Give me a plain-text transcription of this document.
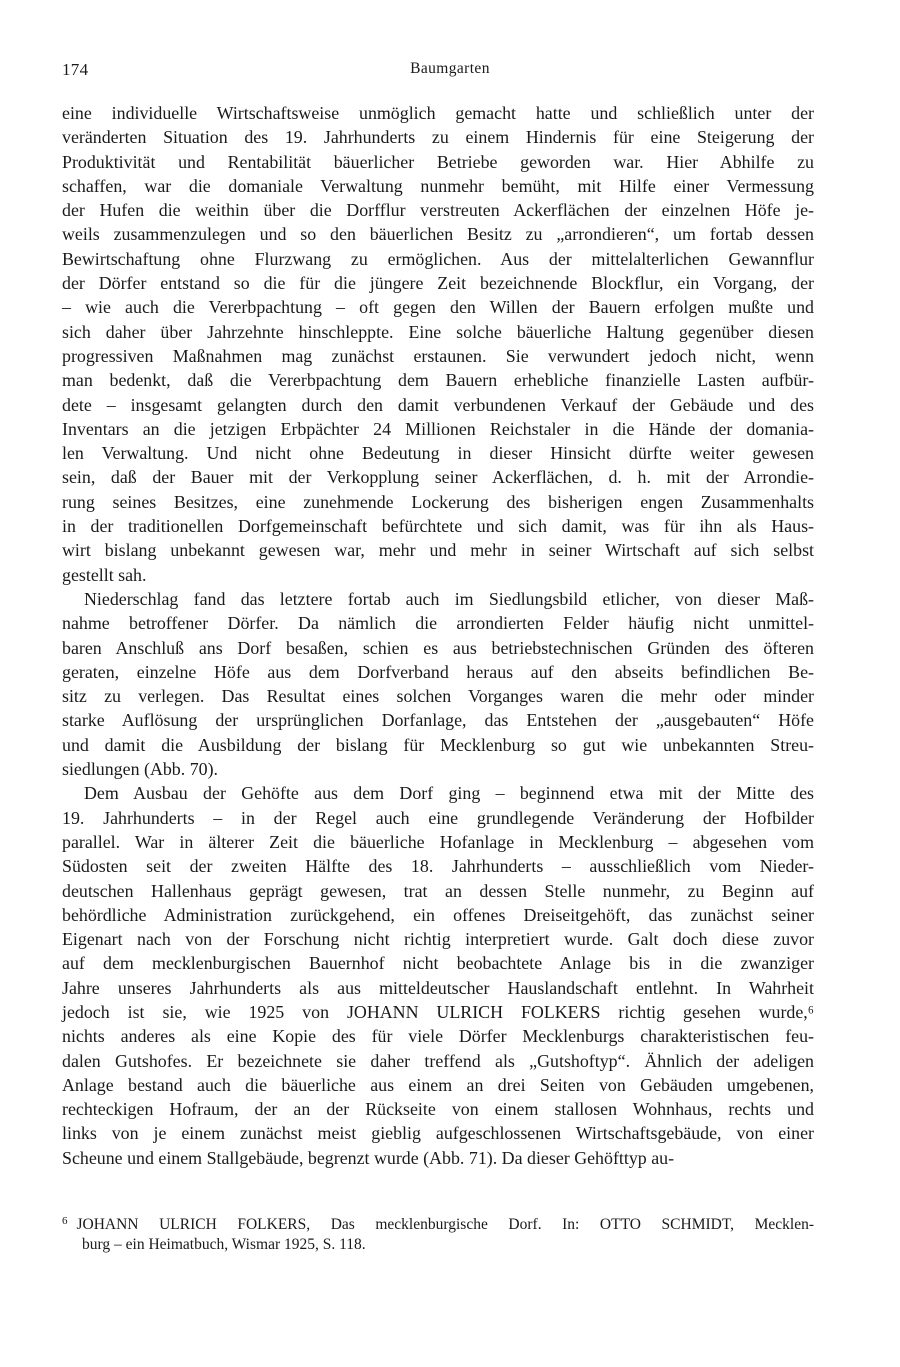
174	Baumgarten
eine individuelle Wirtschaftsweise unmöglich gemacht hatte und schließlich unter der
veränderten Situation des 19. Jahrhunderts zu einem Hindernis für eine Steigerung der
Produktivität und Rentabilität bäuerlicher Betriebe geworden war. Hier Abhilfe zu
schaffen, war die domaniale Verwaltung nunmehr bemüht, mit Hilfe einer Vermessung
der Hufen die weithin über die Dorfflur verstreuten Ackerflächen der einzelnen Höfe je-
weils zusammenzulegen und so den bäuerlichen Besitz zu „arrondieren“, um fortab dessen
Bewirtschaftung ohne Flurzwang zu ermöglichen. Aus der mittelalterlichen Gewannflur
der Dörfer entstand so die für die jüngere Zeit bezeichnende Blockflur, ein Vorgang, der
– wie auch die Vererbpachtung – oft gegen den Willen der Bauern erfolgen mußte und
sich daher über Jahrzehnte hinschleppte. Eine solche bäuerliche Haltung gegenüber diesen
progressiven Maßnahmen mag zunächst erstaunen. Sie verwundert jedoch nicht, wenn
man bedenkt, daß die Vererbpachtung dem Bauern erhebliche finanzielle Lasten aufbür-
dete – insgesamt gelangten durch den damit verbundenen Verkauf der Gebäude und des
Inventars an die jetzigen Erbpächter 24 Millionen Reichstaler in die Hände der domania-
len Verwaltung. Und nicht ohne Bedeutung in dieser Hinsicht dürfte weiter gewesen
sein, daß der Bauer mit der Verkopplung seiner Ackerflächen, d. h. mit der Arrondie-
rung seines Besitzes, eine zunehmende Lockerung des bisherigen engen Zusammenhalts
in der traditionellen Dorfgemeinschaft befürchtete und sich damit, was für ihn als Haus-
wirt bislang unbekannt gewesen war, mehr und mehr in seiner Wirtschaft auf sich selbst
gestellt sah.
Niederschlag fand das letztere fortab auch im Siedlungsbild etlicher, von dieser Maß-
nahme betroffener Dörfer. Da nämlich die arrondierten Felder häufig nicht unmittel-
baren Anschluß ans Dorf besaßen, schien es aus betriebstechnischen Gründen des öfteren
geraten, einzelne Höfe aus dem Dorfverband heraus auf den abseits befindlichen Be-
sitz zu verlegen. Das Resultat eines solchen Vorganges waren die mehr oder minder
starke Auflösung der ursprünglichen Dorfanlage, das Entstehen der „ausgebauten“ Höfe
und damit die Ausbildung der bislang für Mecklenburg so gut wie unbekannten Streu-
siedlungen (Abb. 70).
Dem Ausbau der Gehöfte aus dem Dorf ging – beginnend etwa mit der Mitte des
19. Jahrhunderts – in der Regel auch eine grundlegende Veränderung der Hofbilder
parallel. War in älterer Zeit die bäuerliche Hofanlage in Mecklenburg – abgesehen vom
Südosten seit der zweiten Hälfte des 18. Jahrhunderts – ausschließlich vom Nieder-
deutschen Hallenhaus geprägt gewesen, trat an dessen Stelle nunmehr, zu Beginn auf
behördliche Administration zurückgehend, ein offenes Dreiseitgehöft, das zunächst seiner
Eigenart nach von der Forschung nicht richtig interpretiert wurde. Galt doch diese zuvor
auf dem mecklenburgischen Bauernhof nicht beobachtete Anlage bis in die zwanziger
Jahre unseres Jahrhunderts als aus mitteldeutscher Hauslandschaft entlehnt. In Wahrheit
jedoch ist sie, wie 1925 von JOHANN ULRICH FOLKERS richtig gesehen wurde,⁶
nichts anderes als eine Kopie des für viele Dörfer Mecklenburgs charakteristischen feu-
dalen Gutshofes. Er bezeichnete sie daher treffend als „Gutshoftyp“. Ähnlich der adeligen
Anlage bestand auch die bäuerliche aus einem an drei Seiten von Gebäuden umgebenen,
rechteckigen Hofraum, der an der Rückseite von einem stallosen Wohnhaus, rechts und
links von je einem zunächst meist gieblig aufgeschlossenen Wirtschaftsgebäude, von einer
Scheune und einem Stallgebäude, begrenzt wurde (Abb. 71). Da dieser Gehöfttyp au-
$^6$ JOHANN ULRICH FOLKERS, Das mecklenburgische Dorf. In: OTTO SCHMIDT, Mecklen-
burg – ein Heimatbuch, Wismar 1925, S. 118.
